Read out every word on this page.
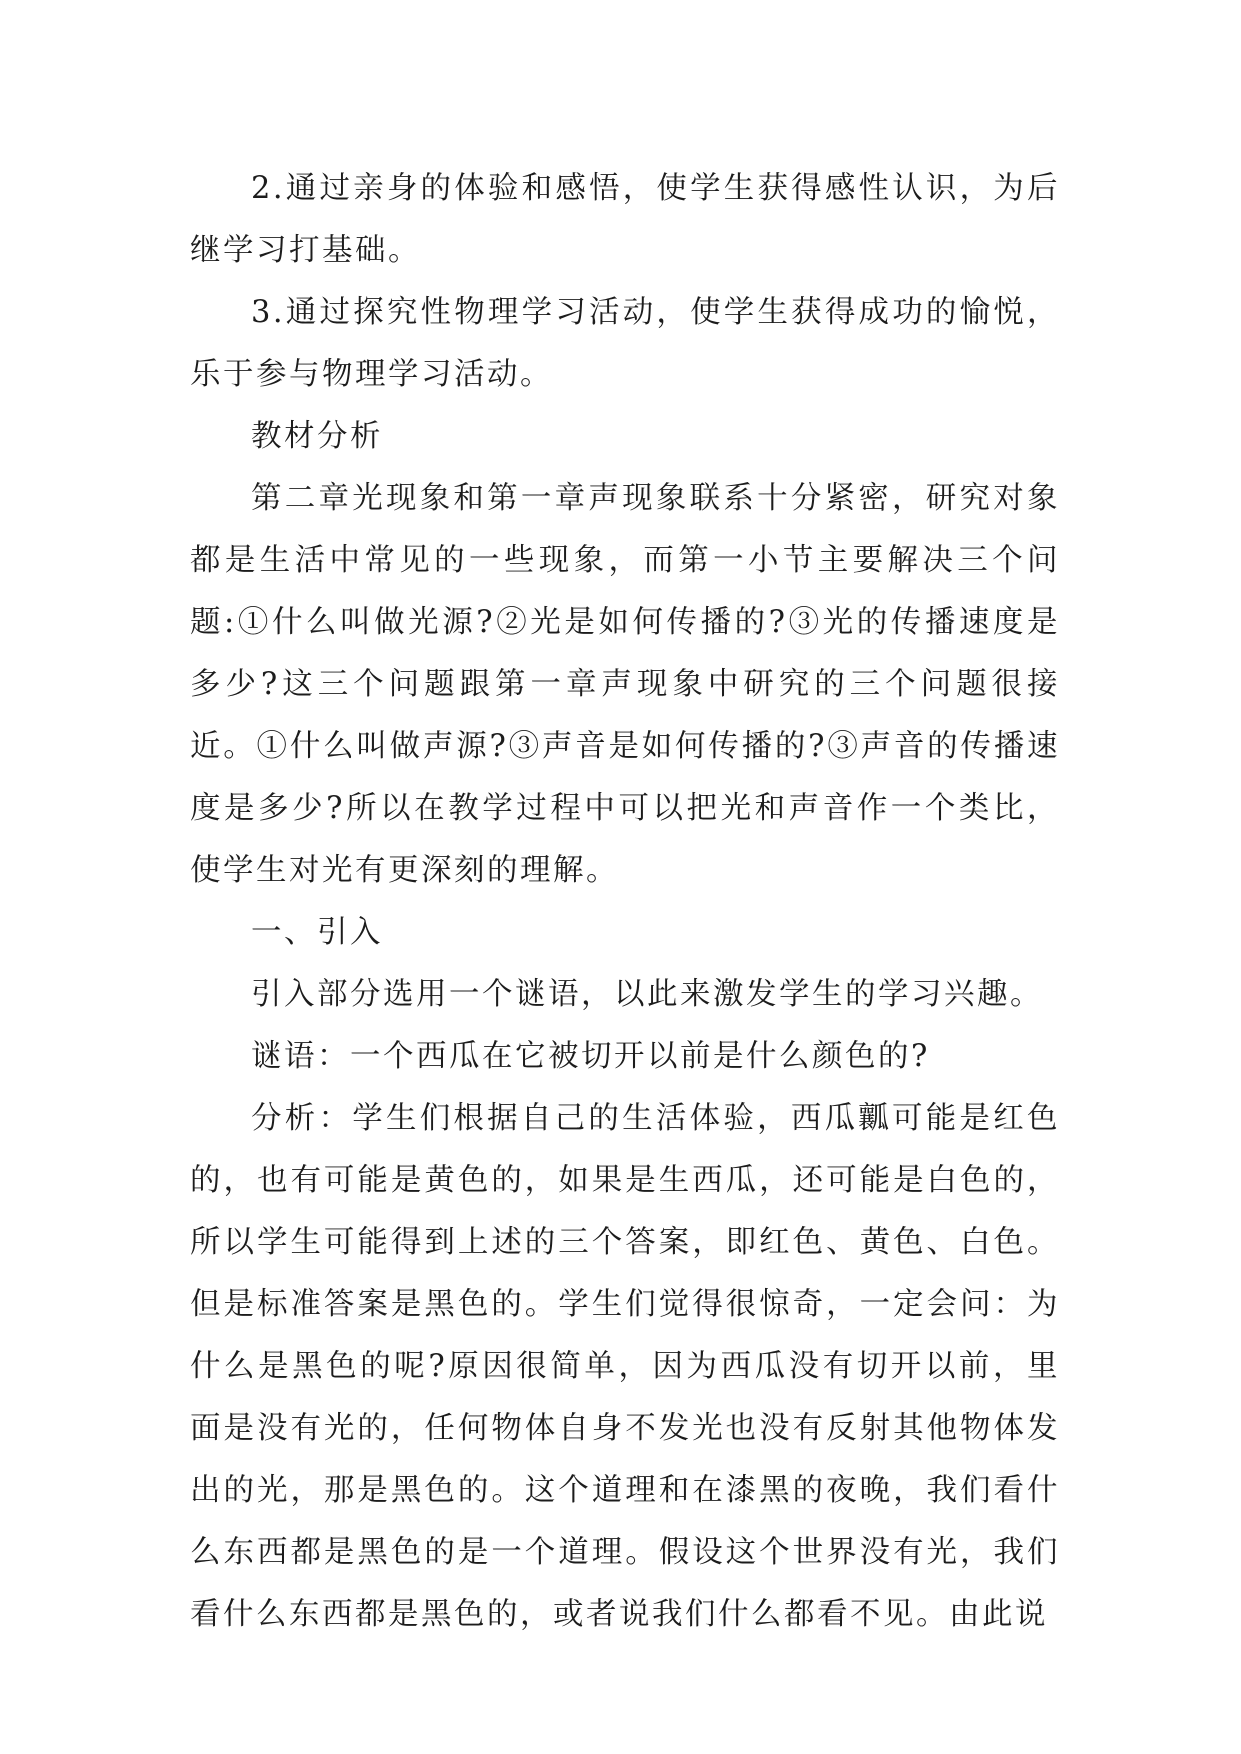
2.通过亲身的体验和感悟，使学生获得感性认识，为后继学习打基础。

3.通过探究性物理学习活动，使学生获得成功的愉悦，乐于参与物理学习活动。

教材分析

第二章光现象和第一章声现象联系十分紧密，研究对象都是生活中常见的一些现象，而第一小节主要解决三个问题:①什么叫做光源?②光是如何传播的?③光的传播速度是多少?这三个问题跟第一章声现象中研究的三个问题很接近。①什么叫做声源?③声音是如何传播的?③声音的传播速度是多少?所以在教学过程中可以把光和声音作一个类比，使学生对光有更深刻的理解。

一、引入

引入部分选用一个谜语，以此来激发学生的学习兴趣。

谜语：一个西瓜在它被切开以前是什么颜色的?

分析：学生们根据自己的生活体验，西瓜瓤可能是红色的，也有可能是黄色的，如果是生西瓜，还可能是白色的，所以学生可能得到上述的三个答案，即红色、黄色、白色。但是标准答案是黑色的。学生们觉得很惊奇，一定会问：为什么是黑色的呢?原因很简单，因为西瓜没有切开以前，里面是没有光的，任何物体自身不发光也没有反射其他物体发出的光，那是黑色的。这个道理和在漆黑的夜晚，我们看什么东西都是黑色的是一个道理。假设这个世界没有光，我们看什么东西都是黑色的，或者说我们什么都看不见。由此说
